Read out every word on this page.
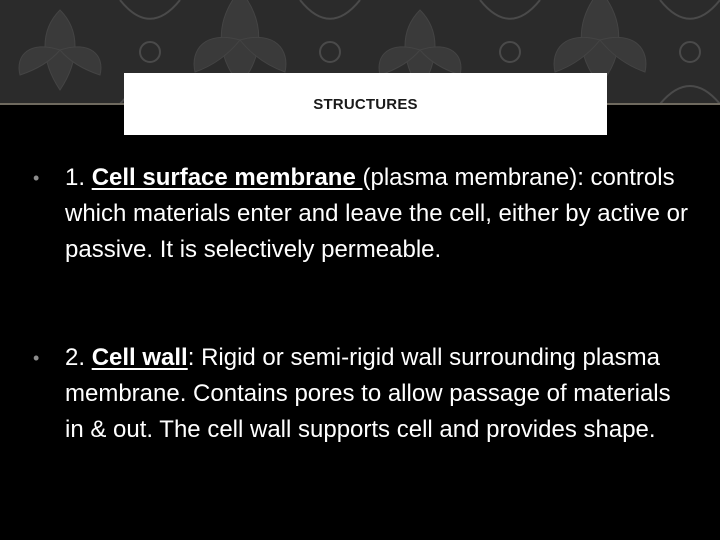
STRUCTURES
• 1. Cell surface membrane (plasma membrane): controls which materials enter and leave the cell, either by active or passive. It is selectively permeable.
• 2. Cell wall: Rigid or semi-rigid wall surrounding plasma membrane. Contains pores to allow passage of materials in & out. The cell wall supports cell and provides shape.
